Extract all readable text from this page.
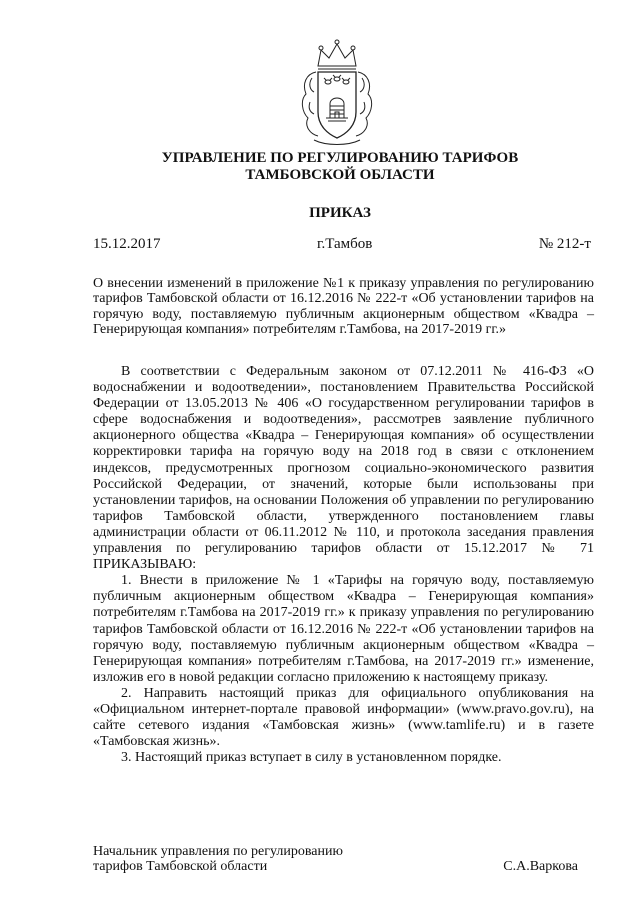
УПРАВЛЕНИЕ ПО РЕГУЛИРОВАНИЮ ТАРИФОВ
ТАМБОВСКОЙ ОБЛАСТИ
ПРИКАЗ
15.12.2017	г.Тамбов	№ 212-т
О внесении изменений в приложение №1 к приказу управления по регулированию тарифов Тамбовской области от 16.12.2016 № 222-т «Об установлении тарифов на горячую воду, поставляемую публичным акционерным обществом «Квадра – Генерирующая компания» потребителям г.Тамбова, на 2017-2019 гг.»

В соответствии с Федеральным законом от 07.12.2011 № 416-ФЗ «О водоснабжении и водоотведении», постановлением Правительства Российской Федерации от 13.05.2013 № 406 «О государственном регулировании тарифов в сфере водоснабжения и водоотведения», рассмотрев заявление публичного акционерного общества «Квадра – Генерирующая компания» об осуществлении корректировки тарифа на горячую воду на 2018 год в связи с отклонением индексов, предусмотренных прогнозом социально-экономического развития Российской Федерации, от значений, которые были использованы при установлении тарифов, на основании Положения об управлении по регулированию тарифов Тамбовской области, утвержденного постановлением главы администрации области от 06.11.2012 № 110, и протокола заседания правления управления по регулированию тарифов области от 15.12.2017 № 71 ПРИКАЗЫВАЮ:

1. Внести в приложение № 1 «Тарифы на горячую воду, поставляемую публичным акционерным обществом «Квадра – Генерирующая компания» потребителям г.Тамбова на 2017-2019 гг.» к приказу управления по регулированию тарифов Тамбовской области от 16.12.2016 № 222-т «Об установлении тарифов на горячую воду, поставляемую публичным акционерным обществом «Квадра – Генерирующая компания» потребителям г.Тамбова, на 2017-2019 гг.» изменение, изложив его в новой редакции согласно приложению к настоящему приказу.

2. Направить настоящий приказ для официального опубликования на «Официальном интернет-портале правовой информации» (www.pravo.gov.ru), на сайте сетевого издания «Тамбовская жизнь» (www.tamlife.ru) и в газете «Тамбовская жизнь».

3. Настоящий приказ вступает в силу в установленном порядке.

Начальник управления по регулированию
тарифов Тамбовской области	С.А.Варкова
